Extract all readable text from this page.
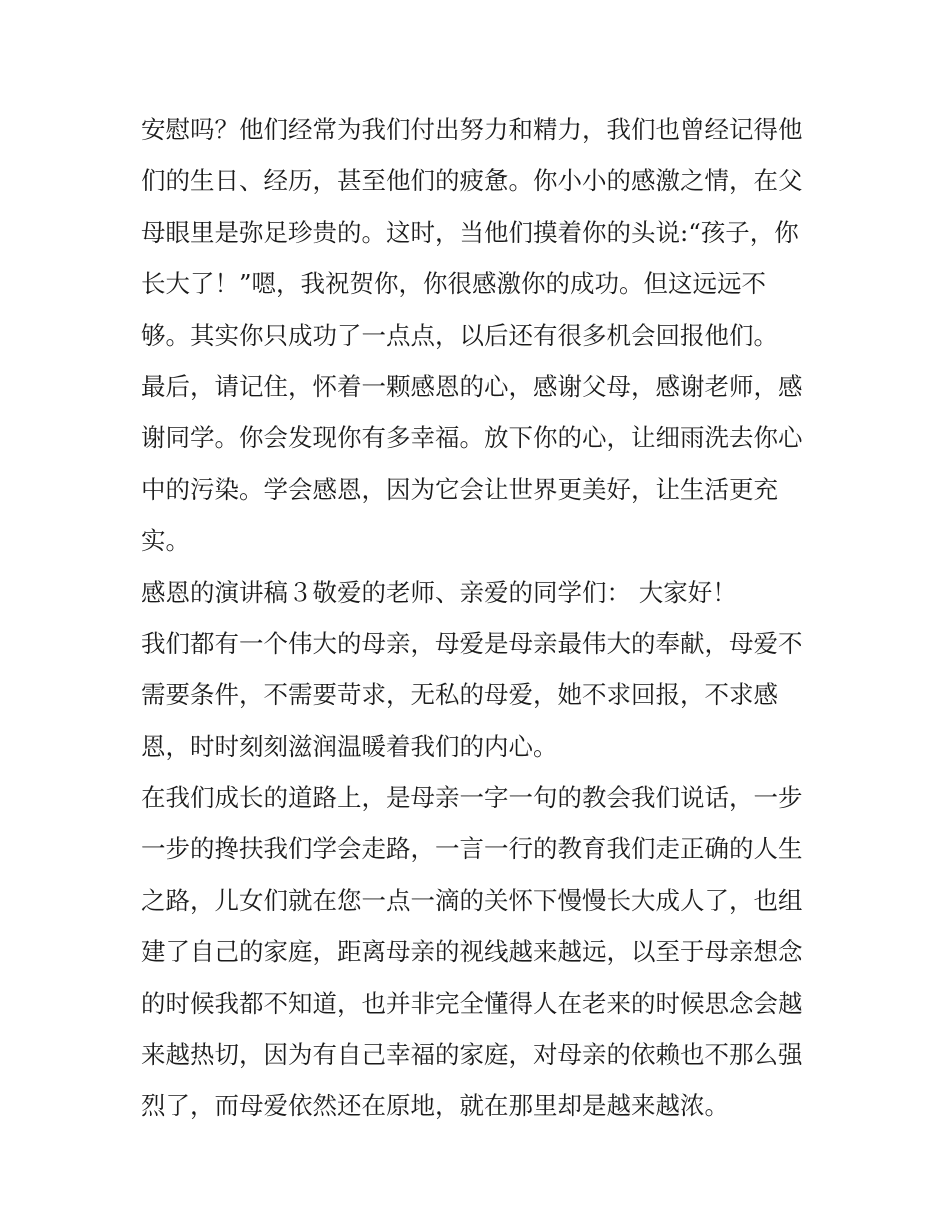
安慰吗？他们经常为我们付出努力和精力，我们也曾经记得他

们的生日、经历，甚至他们的疲惫。你小小的感激之情，在父

母眼里是弥足珍贵的。这时，当他们摸着你的头说:“孩子，你

长大了！”嗯，我祝贺你，你很感激你的成功。但这远远不

够。其实你只成功了一点点，以后还有很多机会回报他们。

最后，请记住，怀着一颗感恩的心，感谢父母，感谢老师，感

谢同学。你会发现你有多幸福。放下你的心，让细雨洗去你心

中的污染。学会感恩，因为它会让世界更美好，让生活更充

实。

感恩的演讲稿３敬爱的老师、亲爱的同学们： 大家好！

我们都有一个伟大的母亲，母爱是母亲最伟大的奉献，母爱不

需要条件，不需要苛求，无私的母爱，她不求回报，不求感

恩，时时刻刻滋润温暖着我们的内心。

在我们成长的道路上，是母亲一字一句的教会我们说话，一步

一步的搀扶我们学会走路，一言一行的教育我们走正确的人生

之路，儿女们就在您一点一滴的关怀下慢慢长大成人了，也组

建了自己的家庭，距离母亲的视线越来越远，以至于母亲想念

的时候我都不知道，也并非完全懂得人在老来的时候思念会越

来越热切，因为有自己幸福的家庭，对母亲的依赖也不那么强

烈了，而母爱依然还在原地，就在那里却是越来越浓。
